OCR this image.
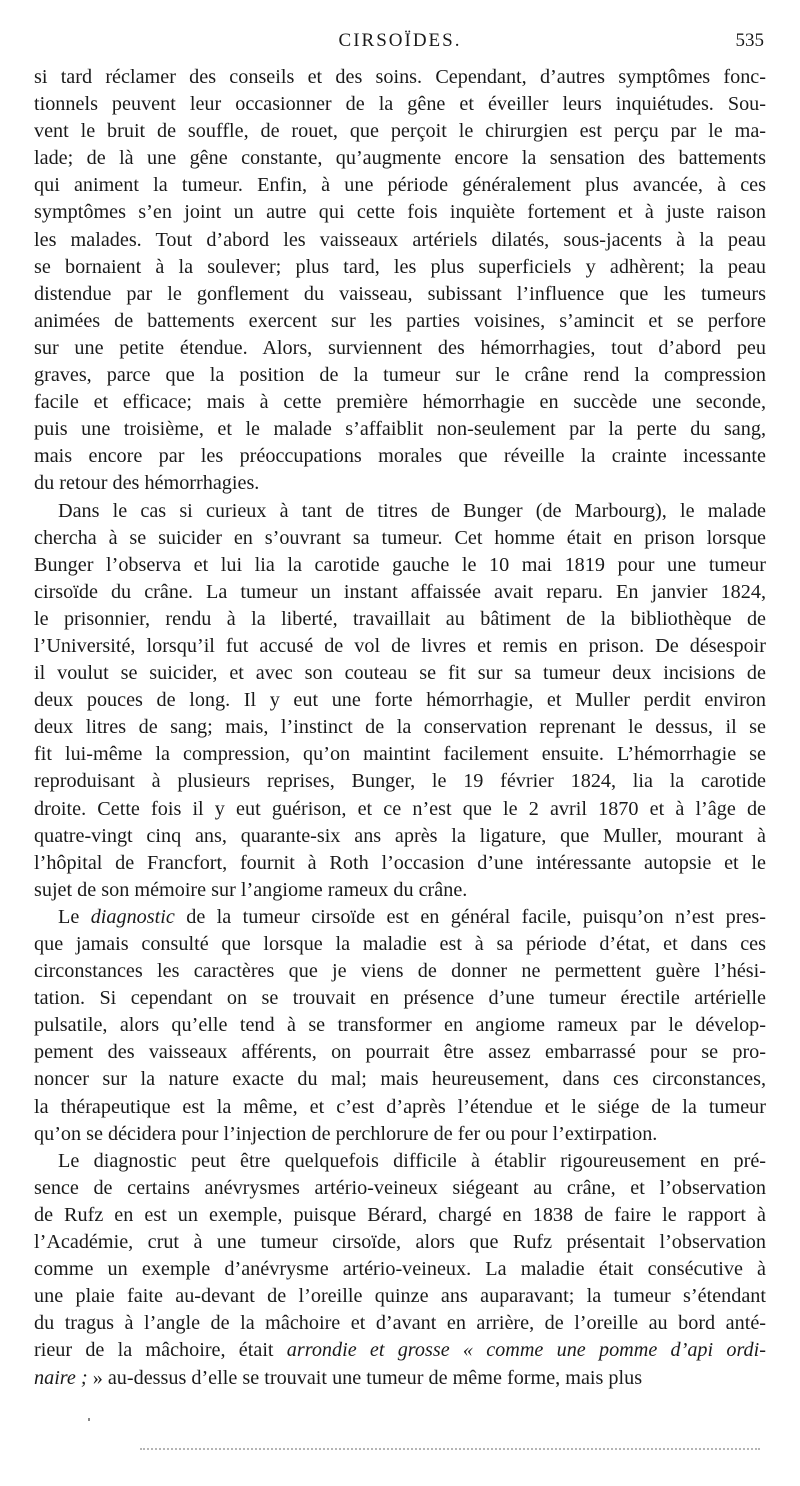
CIRSOÏDES.	535

si tard réclamer des conseils et des soins. Cependant, d’autres symptômes fonc-
tionnels peuvent leur occasionner de la gêne et éveiller leurs inquiétudes. Sou-
vent le bruit de souffle, de rouet, que perçoit le chirurgien est perçu par le ma-
lade; de là une gêne constante, qu’augmente encore la sensation des battements
qui animent la tumeur. Enfin, à une période généralement plus avancée, à ces
symptômes s’en joint un autre qui cette fois inquiète fortement et à juste raison
les malades. Tout d’abord les vaisseaux artériels dilatés, sous-jacents à la peau
se bornaient à la soulever; plus tard, les plus superficiels y adhèrent; la peau
distendue par le gonflement du vaisseau, subissant l’influence que les tumeurs
animées de battements exercent sur les parties voisines, s’amincit et se perfore
sur une petite étendue. Alors, surviennent des hémorrhagies, tout d’abord peu
graves, parce que la position de la tumeur sur le crâne rend la compression
facile et efficace; mais à cette première hémorrhagie en succède une seconde,
puis une troisième, et le malade s’affaiblit non-seulement par la perte du sang,
mais encore par les préoccupations morales que réveille la crainte incessante
du retour des hémorrhagies.

Dans le cas si curieux à tant de titres de Bunger (de Marbourg), le malade
chercha à se suicider en s’ouvrant sa tumeur. Cet homme était en prison lorsque
Bunger l’observa et lui lia la carotide gauche le 10 mai 1819 pour une tumeur
cirsoïde du crâne. La tumeur un instant affaissée avait reparu. En janvier 1824,
le prisonnier, rendu à la liberté, travaillait au bâtiment de la bibliothèque de
l’Université, lorsqu’il fut accusé de vol de livres et remis en prison. De désespoir
il voulut se suicider, et avec son couteau se fit sur sa tumeur deux incisions de
deux pouces de long. Il y eut une forte hémorrhagie, et Muller perdit environ
deux litres de sang; mais, l’instinct de la conservation reprenant le dessus, il se
fit lui-même la compression, qu’on maintint facilement ensuite. L’hémorrhagie se
reproduisant à plusieurs reprises, Bunger, le 19 février 1824, lia la carotide
droite. Cette fois il y eut guérison, et ce n’est que le 2 avril 1870 et à l’âge de
quatre-vingt cinq ans, quarante-six ans après la ligature, que Muller, mourant à
l’hôpital de Francfort, fournit à Roth l’occasion d’une intéressante autopsie et le
sujet de son mémoire sur l’angiome rameux du crâne.

Le diagnostic de la tumeur cirsoïde est en général facile, puisqu’on n’est pres-
que jamais consulté que lorsque la maladie est à sa période d’état, et dans ces
circonstances les caractères que je viens de donner ne permettent guère l’hési-
tation. Si cependant on se trouvait en présence d’une tumeur érectile artérielle
pulsatile, alors qu’elle tend à se transformer en angiome rameux par le dévelop-
pement des vaisseaux afférents, on pourrait être assez embarrassé pour se pro-
noncer sur la nature exacte du mal; mais heureusement, dans ces circonstances,
la thérapeutique est la même, et c’est d’après l’étendue et le siége de la tumeur
qu’on se décidera pour l’injection de perchlorure de fer ou pour l’extirpation.

Le diagnostic peut être quelquefois difficile à établir rigoureusement en pré-
sence de certains anévrysmes artério-veineux siégeant au crâne, et l’observation
de Rufz en est un exemple, puisque Bérard, chargé en 1838 de faire le rapport à
l’Académie, crut à une tumeur cirsoïde, alors que Rufz présentait l’observation
comme un exemple d’anévrysme artério-veineux. La maladie était consécutive à
une plaie faite au-devant de l’oreille quinze ans auparavant; la tumeur s’étendant
du tragus à l’angle de la mâchoire et d’avant en arrière, de l’oreille au bord anté-
rieur de la mâchoire, était arrondie et grosse « comme une pomme d’api ordi-
naire ; » au-dessus d’elle se trouvait une tumeur de même forme, mais plus
